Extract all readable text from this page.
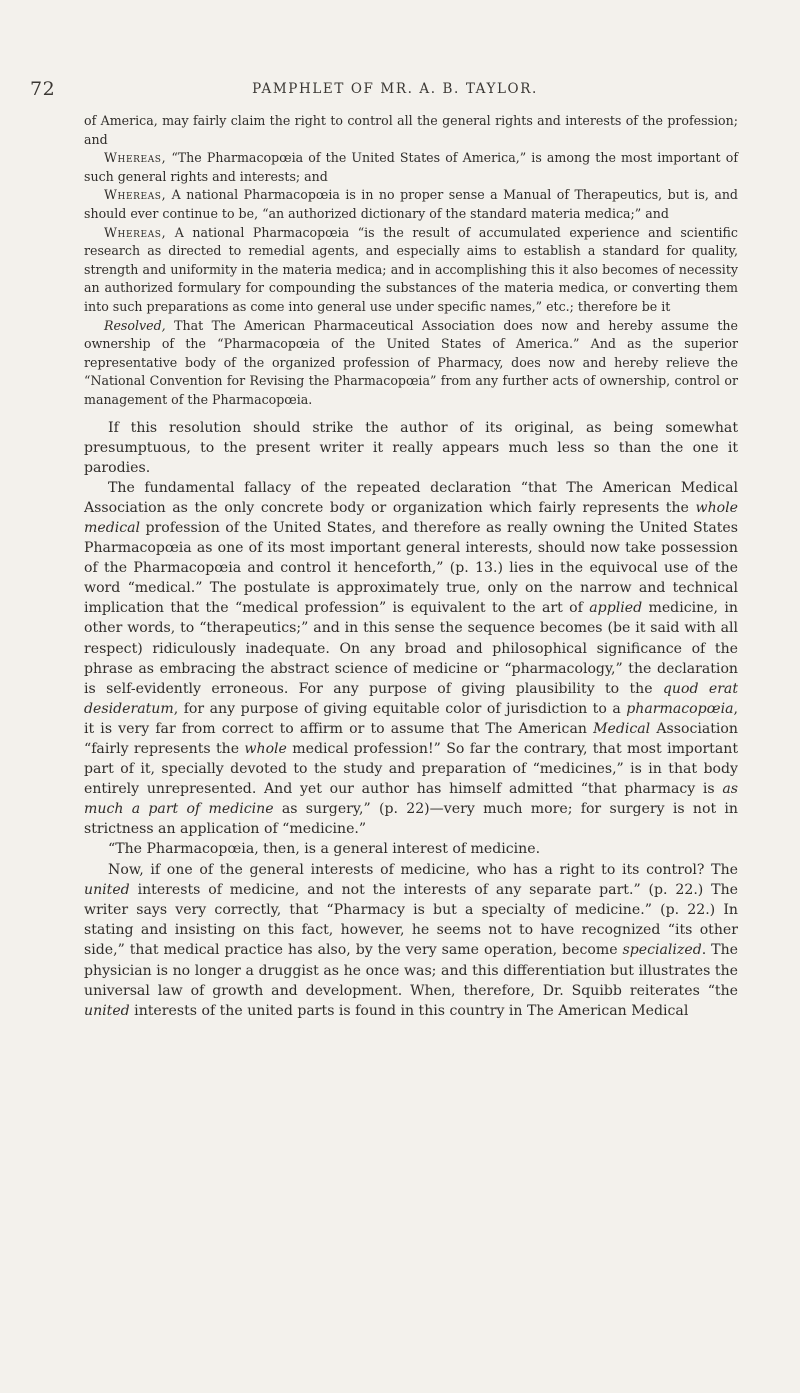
72	PAMPHLET OF MR. A. B. TAYLOR.

of America, may fairly claim the right to control all the general rights and interests of the profession; and

Whereas, “The Pharmacopœia of the United States of America,” is among the most important of such general rights and interests; and

Whereas, A national Pharmacopœia is in no proper sense a Manual of Therapeutics, but is, and should ever continue to be, “an authorized dictionary of the standard materia medica;” and

Whereas, A national Pharmacopœia “is the result of accumulated experience and scientific research as directed to remedial agents, and especially aims to establish a standard for quality, strength and uniformity in the materia medica; and in accomplishing this it also becomes of necessity an authorized formulary for compounding the substances of the materia medica, or converting them into such preparations as come into general use under specific names,” etc.; therefore be it

Resolved, That The American Pharmaceutical Association does now and hereby assume the ownership of the “Pharmacopœia of the United States of America.” And as the superior representative body of the organized profession of Pharmacy, does now and hereby relieve the “National Convention for Revising the Pharmacopœia” from any further acts of ownership, control or management of the Pharmacopœia.

If this resolution should strike the author of its original, as being somewhat presumptuous, to the present writer it really appears much less so than the one it parodies.

The fundamental fallacy of the repeated declaration “that The American Medical Association as the only concrete body or organization which fairly represents the whole medical profession of the United States, and therefore as really owning the United States Pharmacopœia as one of its most important general interests, should now take possession of the Pharmacopœia and control it henceforth,” (p. 13.) lies in the equivocal use of the word “medical.” The postulate is approximately true, only on the narrow and technical implication that the “medical profession” is equivalent to the art of applied medicine, in other words, to “therapeutics;” and in this sense the sequence becomes (be it said with all respect) ridiculously inadequate. On any broad and philosophical significance of the phrase as embracing the abstract science of medicine or “pharmacology,” the declaration is self-evidently erroneous. For any purpose of giving plausibility to the quod erat desideratum, for any purpose of giving equitable color of jurisdiction to a pharmacopœia, it is very far from correct to affirm or to assume that The American Medical Association “fairly represents the whole medical profession!” So far the contrary, that most important part of it, specially devoted to the study and preparation of “medicines,” is in that body entirely unrepresented. And yet our author has himself admitted “that pharmacy is as much a part of medicine as surgery,” (p. 22)—very much more; for surgery is not in strictness an application of “medicine.”

“The Pharmacopœia, then, is a general interest of medicine.

Now, if one of the general interests of medicine, who has a right to its control? The united interests of medicine, and not the interests of any separate part.” (p. 22.) The writer says very correctly, that “Pharmacy is but a specialty of medicine.” (p. 22.) In stating and insisting on this fact, however, he seems not to have recognized “its other side,” that medical practice has also, by the very same operation, become specialized. The physician is no longer a druggist as he once was; and this differentiation but illustrates the universal law of growth and development. When, therefore, Dr. Squibb reiterates “the united interests of the united parts is found in this country in The American Medical
